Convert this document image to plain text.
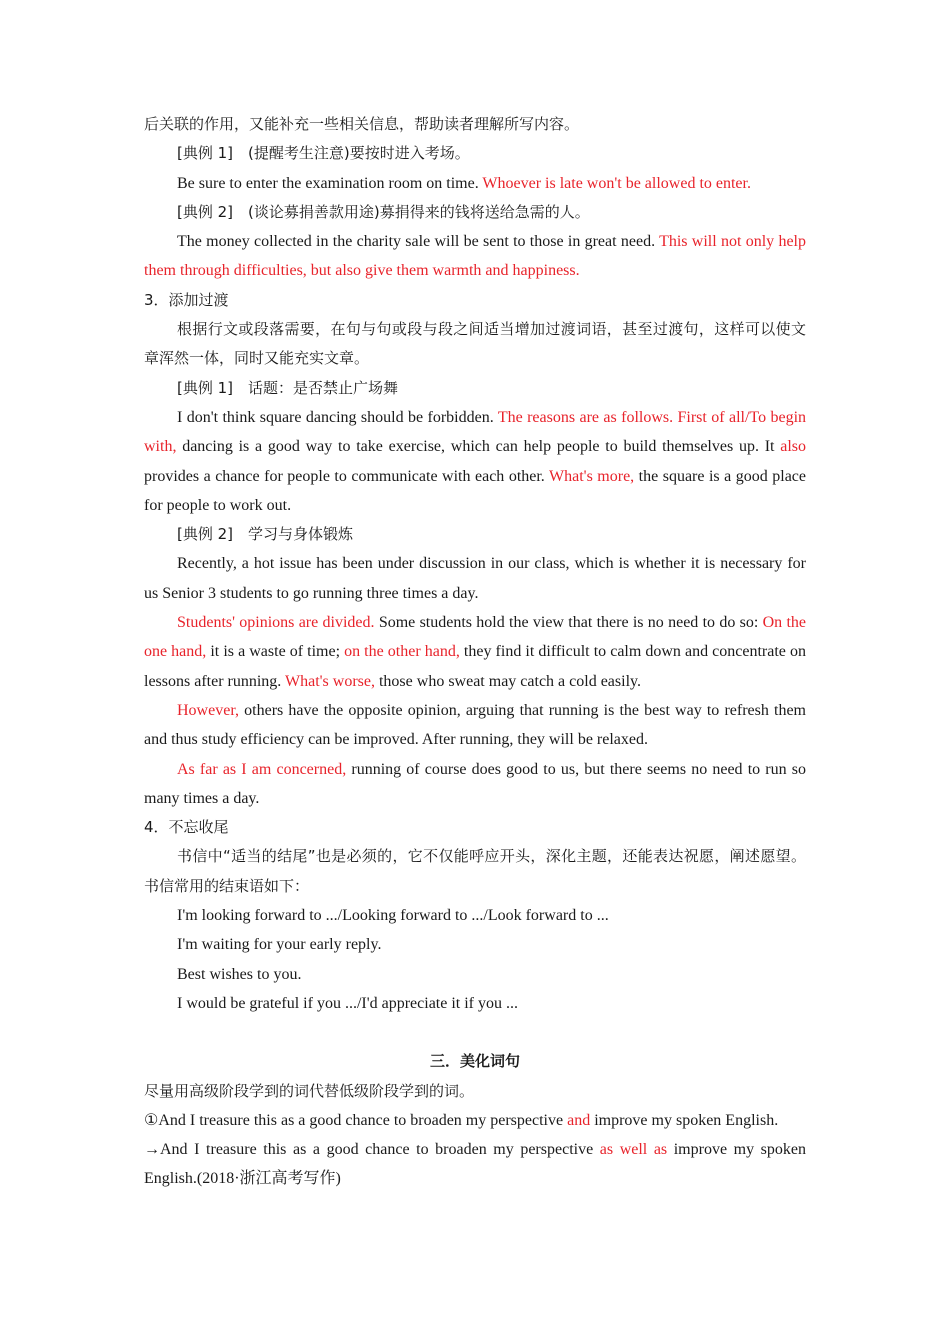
后关联的作用，又能补充一些相关信息，帮助读者理解所写内容。

[典例 1]　(提醒考生注意)要按时进入考场。

Be sure to enter the examination room on time. Whoever is late won't be allowed to enter.

[典例 2]　(谈论募捐善款用途)募捐得来的钱将送给急需的人。

The money collected in the charity sale will be sent to those in great need. This will not only help them through difficulties, but also give them warmth and happiness.

3．添加过渡

根据行文或段落需要，在句与句或段与段之间适当增加过渡词语，甚至过渡句，这样可以使文章浑然一体，同时又能充实文章。

[典例 1]　话题：是否禁止广场舞

I don't think square dancing should be forbidden. The reasons are as follows. First of all/To begin with, dancing is a good way to take exercise, which can help people to build themselves up. It also provides a chance for people to communicate with each other. What's more, the square is a good place for people to work out.

[典例 2]　学习与身体锻炼

Recently, a hot issue has been under discussion in our class, which is whether it is necessary for us Senior 3 students to go running three times a day.

Students' opinions are divided. Some students hold the view that there is no need to do so: On the one hand, it is a waste of time; on the other hand, they find it difficult to calm down and concentrate on lessons after running. What's worse, those who sweat may catch a cold easily.

However, others have the opposite opinion, arguing that running is the best way to refresh them and thus study efficiency can be improved. After running, they will be relaxed.

As far as I am concerned, running of course does good to us, but there seems no need to run so many times a day.

4．不忘收尾

书信中“适当的结尾”也是必须的，它不仅能呼应开头，深化主题，还能表达祝愿，阐述愿望。书信常用的结束语如下：

I'm looking forward to .../Looking forward to .../Look forward to ...

I'm waiting for your early reply.

Best wishes to you.

I would be grateful if you .../I'd appreciate it if you ...

三．美化词句

尽量用高级阶段学到的词代替低级阶段学到的词。

①And I treasure this as a good chance to broaden my perspective and improve my spoken English.

→And I treasure this as a good chance to broaden my perspective as well as improve my spoken English.(2018·浙江高考写作)
